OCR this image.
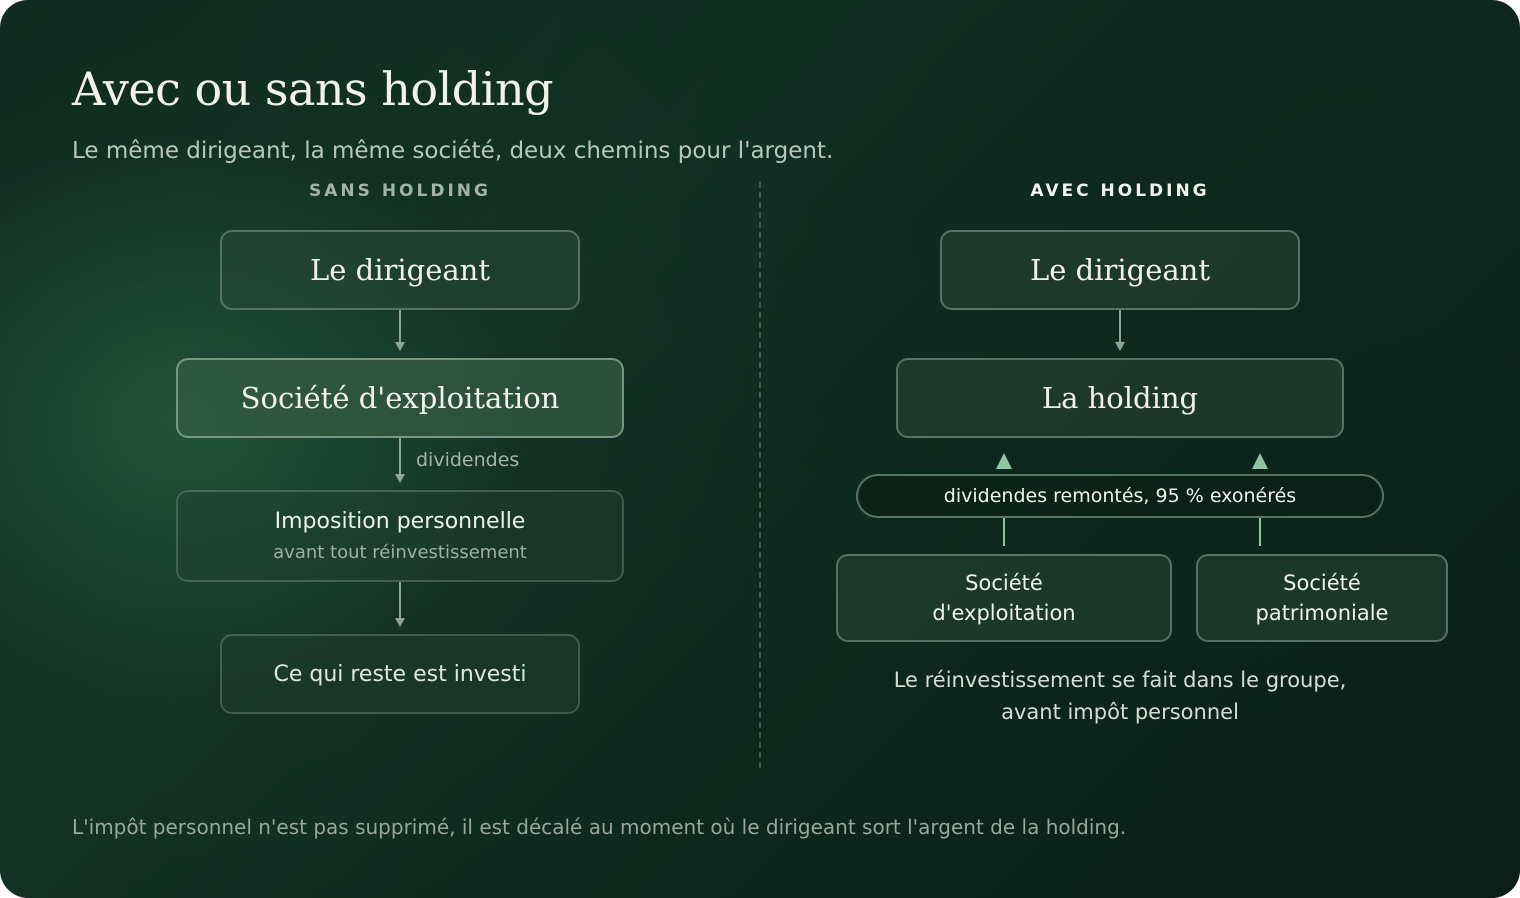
Avec ou sans holding
Le même dirigeant, la même société, deux chemins pour l'argent.
SANS HOLDING	AVEC HOLDING
Le dirigeant
Société d'exploitation
dividendes
Imposition personnelle
avant tout réinvestissement
Ce qui reste est investi
Le dirigeant
La holding
dividendes remontés, 95 % exonérés
Société
d'exploitation
Société
patrimoniale
Le réinvestissement se fait dans le groupe,
avant impôt personnel
L'impôt personnel n'est pas supprimé, il est décalé au moment où le dirigeant sort l'argent de la holding.
